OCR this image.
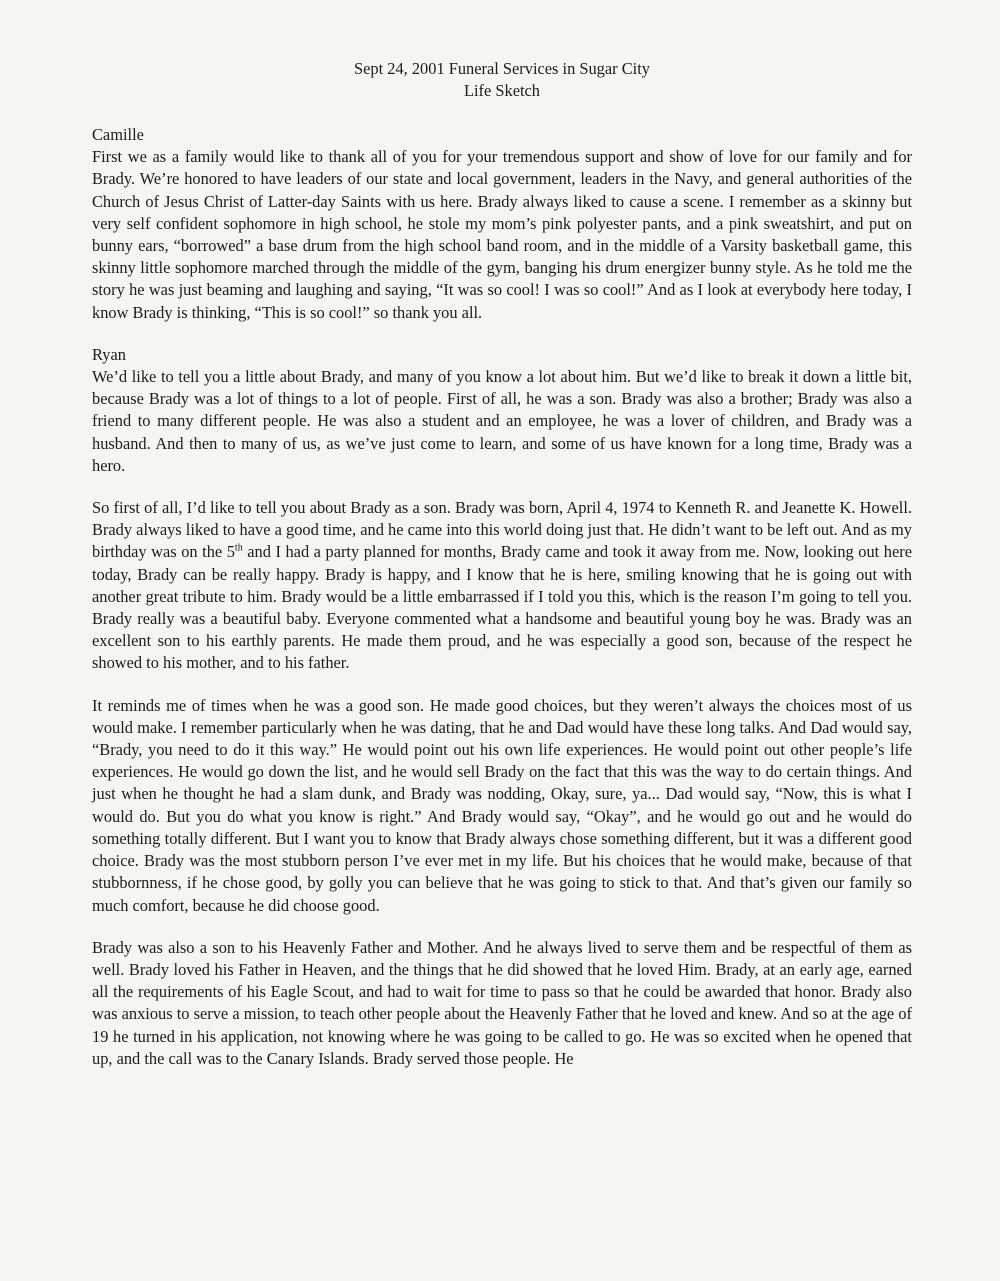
Sept 24, 2001 Funeral Services in Sugar City
Life Sketch

Camille

First we as a family would like to thank all of you for your tremendous support and show of love for our family and for Brady. We’re honored to have leaders of our state and local government, leaders in the Navy, and general authorities of the Church of Jesus Christ of Latter-day Saints with us here. Brady always liked to cause a scene. I remember as a skinny but very self confident sophomore in high school, he stole my mom’s pink polyester pants, and a pink sweatshirt, and put on bunny ears, “borrowed” a base drum from the high school band room, and in the middle of a Varsity basketball game, this skinny little sophomore marched through the middle of the gym, banging his drum energizer bunny style. As he told me the story he was just beaming and laughing and saying, “It was so cool! I was so cool!” And as I look at everybody here today, I know Brady is thinking, “This is so cool!” so thank you all.

Ryan

We’d like to tell you a little about Brady, and many of you know a lot about him. But we’d like to break it down a little bit, because Brady was a lot of things to a lot of people. First of all, he was a son. Brady was also a brother; Brady was also a friend to many different people. He was also a student and an employee, he was a lover of children, and Brady was a husband. And then to many of us, as we’ve just come to learn, and some of us have known for a long time, Brady was a hero.

So first of all, I’d like to tell you about Brady as a son. Brady was born, April 4, 1974 to Kenneth R. and Jeanette K. Howell. Brady always liked to have a good time, and he came into this world doing just that. He didn’t want to be left out. And as my birthday was on the 5th and I had a party planned for months, Brady came and took it away from me. Now, looking out here today, Brady can be really happy. Brady is happy, and I know that he is here, smiling knowing that he is going out with another great tribute to him. Brady would be a little embarrassed if I told you this, which is the reason I’m going to tell you. Brady really was a beautiful baby. Everyone commented what a handsome and beautiful young boy he was. Brady was an excellent son to his earthly parents. He made them proud, and he was especially a good son, because of the respect he showed to his mother, and to his father.

It reminds me of times when he was a good son. He made good choices, but they weren’t always the choices most of us would make. I remember particularly when he was dating, that he and Dad would have these long talks. And Dad would say, “Brady, you need to do it this way.” He would point out his own life experiences. He would point out other people’s life experiences. He would go down the list, and he would sell Brady on the fact that this was the way to do certain things. And just when he thought he had a slam dunk, and Brady was nodding, Okay, sure, ya... Dad would say, “Now, this is what I would do. But you do what you know is right.” And Brady would say, “Okay”, and he would go out and he would do something totally different. But I want you to know that Brady always chose something different, but it was a different good choice. Brady was the most stubborn person I’ve ever met in my life. But his choices that he would make, because of that stubbornness, if he chose good, by golly you can believe that he was going to stick to that. And that’s given our family so much comfort, because he did choose good.

Brady was also a son to his Heavenly Father and Mother. And he always lived to serve them and be respectful of them as well. Brady loved his Father in Heaven, and the things that he did showed that he loved Him. Brady, at an early age, earned all the requirements of his Eagle Scout, and had to wait for time to pass so that he could be awarded that honor. Brady also was anxious to serve a mission, to teach other people about the Heavenly Father that he loved and knew. And so at the age of 19 he turned in his application, not knowing where he was going to be called to go. He was so excited when he opened that up, and the call was to the Canary Islands. Brady served those people. He
